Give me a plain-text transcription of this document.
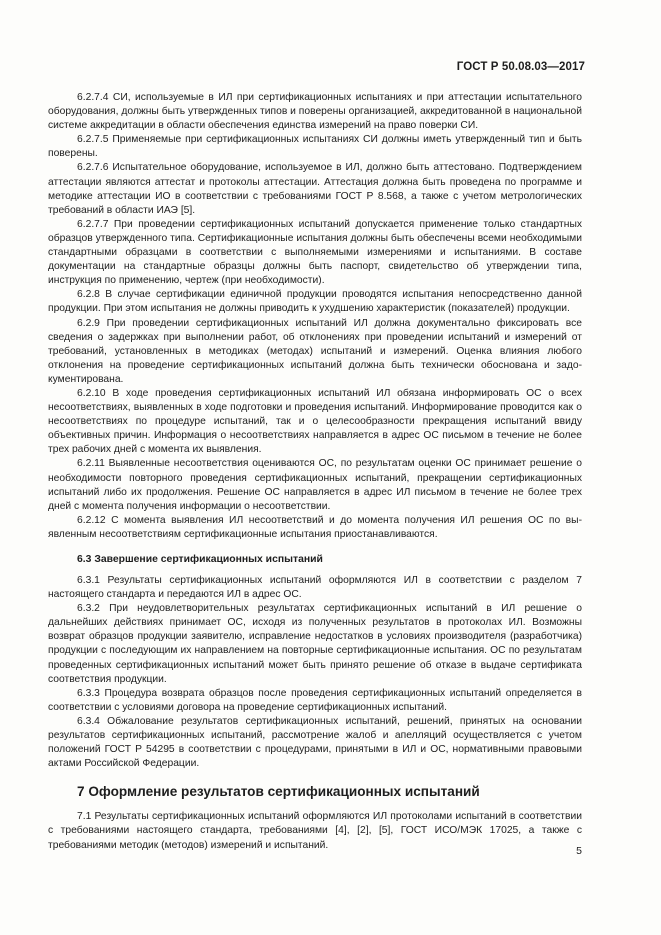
ГОСТ Р 50.08.03—2017

6.2.7.4 СИ, используемые в ИЛ при сертификационных испытаниях и при аттестации испытательного оборудования, должны быть утвержденных типов и поверены организацией, аккредитованной в национальной системе аккредитации в области обеспечения единства измерений на право поверки СИ.

6.2.7.5 Применяемые при сертификационных испытаниях СИ должны иметь утвержденный тип и быть поверены.

6.2.7.6 Испытательное оборудование, используемое в ИЛ, должно быть аттестовано. Подтверждением аттестации являются аттестат и протоколы аттестации. Аттестация должна быть проведена по программе и методике аттестации ИО в соответствии с требованиями ГОСТ Р 8.568, а также с учетом метрологических требований в области ИАЭ [5].

6.2.7.7 При проведении сертификационных испытаний допускается применение только стандартных образцов утвержденного типа. Сертификационные испытания должны быть обеспечены всеми необходимыми стандартными образцами в соответствии с выполняемыми измерениями и испытаниями. В составе документации на стандартные образцы должны быть паспорт, свидетельство об утверждении типа, инструкция по применению, чертеж (при необходимости).

6.2.8 В случае сертификации единичной продукции проводятся испытания непосредственно данной продукции. При этом испытания не должны приводить к ухудшению характеристик (показателей) продукции.

6.2.9 При проведении сертификационных испытаний ИЛ должна документально фиксировать все сведения о задержках при выполнении работ, об отклонениях при проведении испытаний и измерений от требований, установленных в методиках (методах) испытаний и измерений. Оценка влияния любого отклонения на проведение сертификационных испытаний должна быть технически обоснована и задокументирована.

6.2.10 В ходе проведения сертификационных испытаний ИЛ обязана информировать ОС о всех несоответствиях, выявленных в ходе подготовки и проведения испытаний. Информирование проводится как о несоответствиях по процедуре испытаний, так и о целесообразности прекращения испытаний ввиду объективных причин. Информация о несоответствиях направляется в адрес ОС письмом в течение не более трех рабочих дней с момента их выявления.

6.2.11 Выявленные несоответствия оцениваются ОС, по результатам оценки ОС принимает решение о необходимости повторного проведения сертификационных испытаний, прекращении сертификационных испытаний либо их продолжения. Решение ОС направляется в адрес ИЛ письмом в течение не более трех дней с момента получения информации о несоответствии.

6.2.12 С момента выявления ИЛ несоответствий и до момента получения ИЛ решения ОС по выявленным несоответствиям сертификационные испытания приостанавливаются.

6.3 Завершение сертификационных испытаний

6.3.1 Результаты сертификационных испытаний оформляются ИЛ в соответствии с разделом 7 настоящего стандарта и передаются ИЛ в адрес ОС.

6.3.2 При неудовлетворительных результатах сертификационных испытаний в ИЛ решение о дальнейших действиях принимает ОС, исходя из полученных результатов в протоколах ИЛ. Возможны возврат образцов продукции заявителю, исправление недостатков в условиях производителя (разработчика) продукции с последующим их направлением на повторные сертификационные испытания. ОС по результатам проведенных сертификационных испытаний может быть принято решение об отказе в выдаче сертификата соответствия продукции.

6.3.3 Процедура возврата образцов после проведения сертификационных испытаний определяется в соответствии с условиями договора на проведение сертификационных испытаний.

6.3.4 Обжалование результатов сертификационных испытаний, решений, принятых на основании результатов сертификационных испытаний, рассмотрение жалоб и апелляций осуществляется с учетом положений ГОСТ Р 54295 в соответствии с процедурами, принятыми в ИЛ и ОС, нормативными правовыми актами Российской Федерации.

7 Оформление результатов сертификационных испытаний

7.1 Результаты сертификационных испытаний оформляются ИЛ протоколами испытаний в соответствии с требованиями настоящего стандарта, требованиями [4], [2], [5], ГОСТ ИСО/МЭК 17025, а также с требованиями методик (методов) измерений и испытаний.	5
